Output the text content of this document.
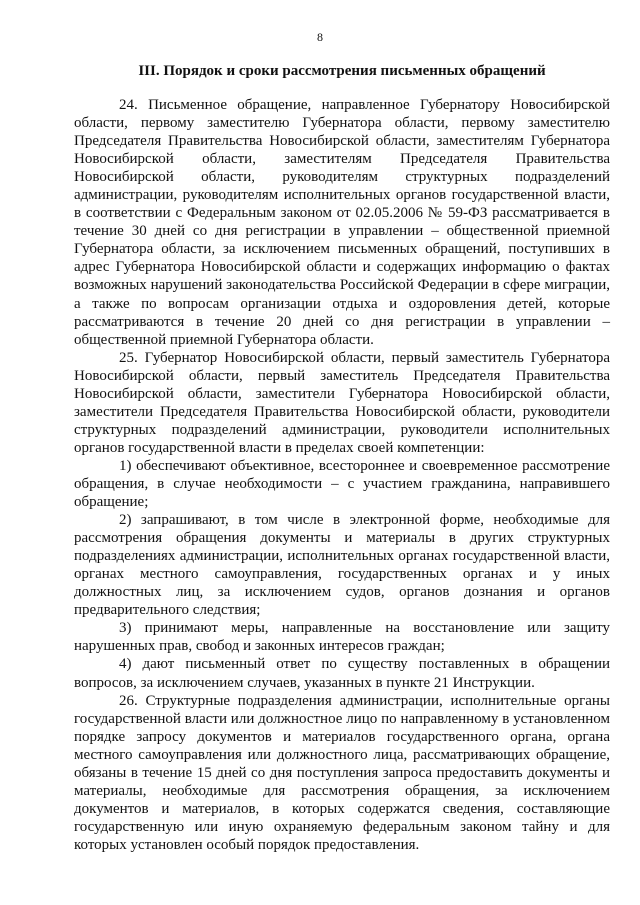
8
III. Порядок и сроки рассмотрения письменных обращений

24. Письменное обращение, направленное Губернатору Новосибирской области, первому заместителю Губернатора области, первому заместителю Председателя Правительства Новосибирской области, заместителям Губернатора Новосибирской области, заместителям Председателя Правительства Новосибирской области, руководителям структурных подразделений администрации, руководителям исполнительных органов государственной власти, в соответствии с Федеральным законом от 02.05.2006 № 59-ФЗ рассматривается в течение 30 дней со дня регистрации в управлении – общественной приемной Губернатора области, за исключением письменных обращений, поступивших в адрес Губернатора Новосибирской области и содержащих информацию о фактах возможных нарушений законодательства Российской Федерации в сфере миграции, а также по вопросам организации отдыха и оздоровления детей, которые рассматриваются в течение 20 дней со дня регистрации в управлении – общественной приемной Губернатора области.

25. Губернатор Новосибирской области, первый заместитель Губернатора Новосибирской области, первый заместитель Председателя Правительства Новосибирской области, заместители Губернатора Новосибирской области, заместители Председателя Правительства Новосибирской области, руководители структурных подразделений администрации, руководители исполнительных органов государственной власти в пределах своей компетенции:

1) обеспечивают объективное, всестороннее и своевременное рассмотрение обращения, в случае необходимости – с участием гражданина, направившего обращение;

2) запрашивают, в том числе в электронной форме, необходимые для рассмотрения обращения документы и материалы в других структурных подразделениях администрации, исполнительных органах государственной власти, органах местного самоуправления, государственных органах и у иных должностных лиц, за исключением судов, органов дознания и органов предварительного следствия;

3) принимают меры, направленные на восстановление или защиту нарушенных прав, свобод и законных интересов граждан;

4) дают письменный ответ по существу поставленных в обращении вопросов, за исключением случаев, указанных в пункте 21 Инструкции.

26. Структурные подразделения администрации, исполнительные органы государственной власти или должностное лицо по направленному в установленном порядке запросу документов и материалов государственного органа, органа местного самоуправления или должностного лица, рассматривающих обращение, обязаны в течение 15 дней со дня поступления запроса предоставить документы и материалы, необходимые для рассмотрения обращения, за исключением документов и материалов, в которых содержатся сведения, составляющие государственную или иную охраняемую федеральным законом тайну и для которых установлен особый порядок предоставления.
